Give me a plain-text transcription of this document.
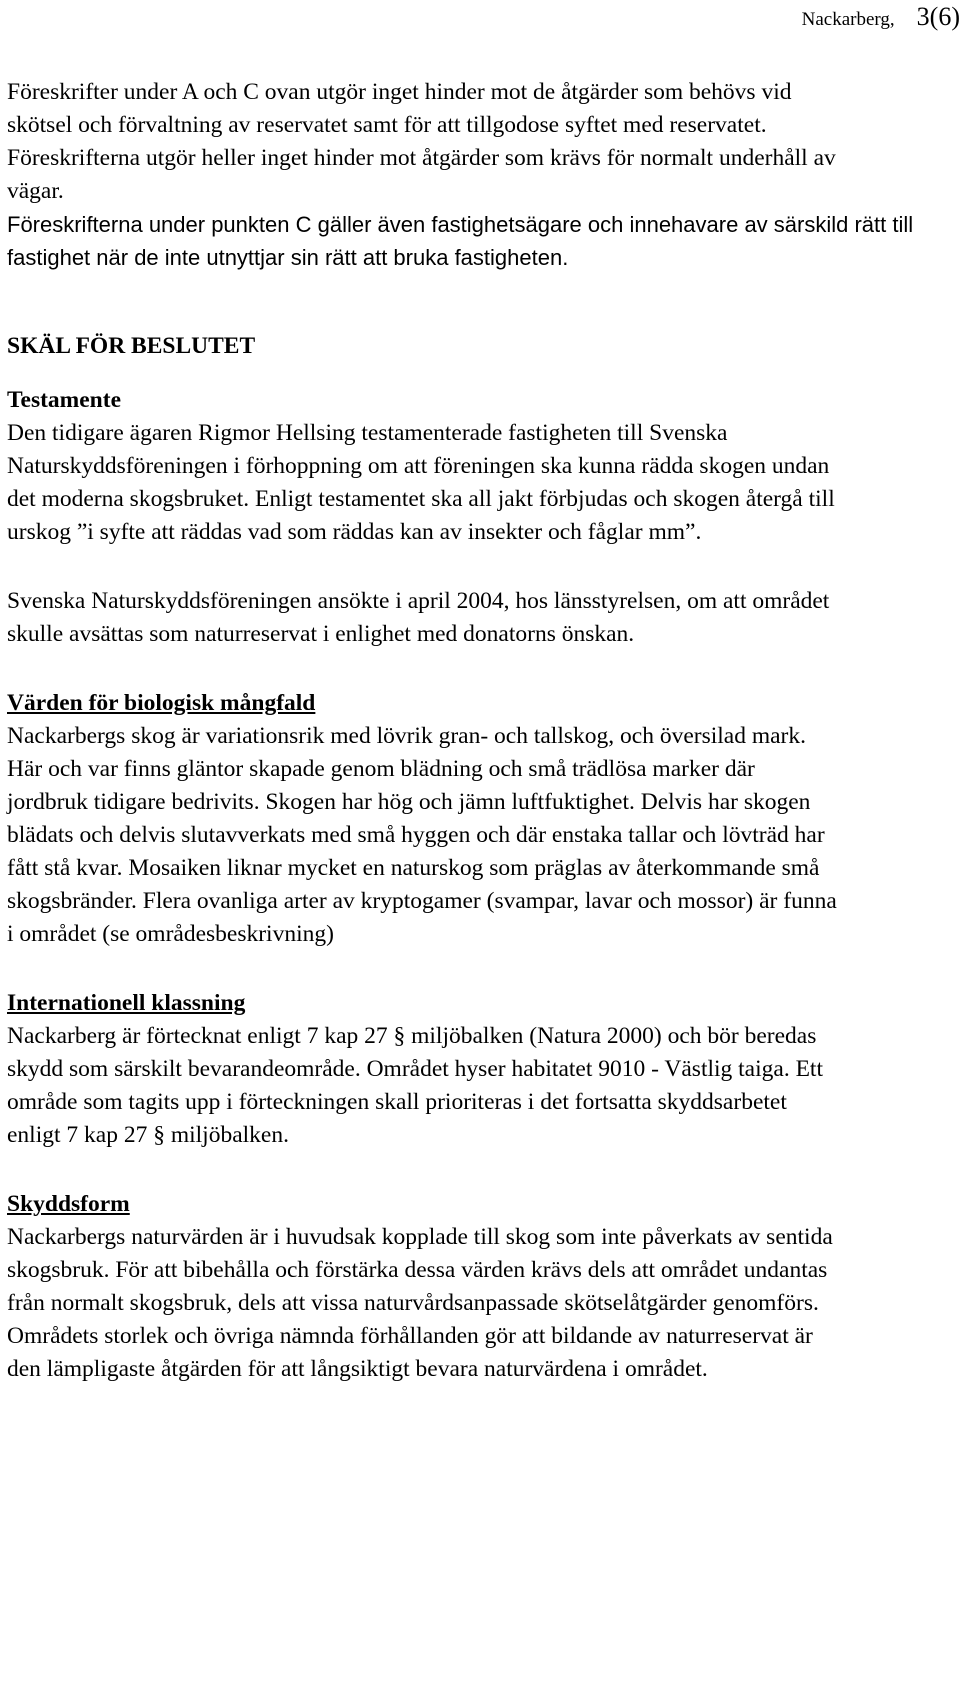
Nackarberg, 3(6)

Föreskrifter under A och C ovan utgör inget hinder mot de åtgärder som behövs vid skötsel och förvaltning av reservatet samt för att tillgodose syftet med reservatet. Föreskrifterna utgör heller inget hinder mot åtgärder som krävs för normalt underhåll av vägar.

Föreskrifterna under punkten C gäller även fastighetsägare och innehavare av särskild rätt till fastighet när de inte utnyttjar sin rätt att bruka fastigheten.

SKÄL FÖR BESLUTET

Testamente

Den tidigare ägaren Rigmor Hellsing testamenterade fastigheten till Svenska Naturskyddsföreningen i förhoppning om att föreningen ska kunna rädda skogen undan det moderna skogsbruket. Enligt testamentet ska all jakt förbjudas och skogen återgå till urskog ”i syfte att räddas vad som räddas kan av insekter och fåglar mm”.

Svenska Naturskyddsföreningen ansökte i april 2004, hos länsstyrelsen, om att området skulle avsättas som naturreservat i enlighet med donatorns önskan.

Värden för biologisk mångfald

Nackarbergs skog är variationsrik med lövrik gran- och tallskog, och översilad mark. Här och var finns gläntor skapade genom blädning och små trädlösa marker där jordbruk tidigare bedrivits. Skogen har hög och jämn luftfuktighet. Delvis har skogen blädats och delvis slutavverkats med små hyggen och där enstaka tallar och lövträd har fått stå kvar. Mosaiken liknar mycket en naturskog som präglas av återkommande små skogsbränder. Flera ovanliga arter av kryptogamer (svampar, lavar och mossor) är funna i området (se områdesbeskrivning)

Internationell klassning

Nackarberg är förtecknat enligt 7 kap 27 § miljöbalken (Natura 2000) och bör beredas skydd som särskilt bevarandeområde. Området hyser habitatet 9010 - Västlig taiga. Ett område som tagits upp i förteckningen skall prioriteras i det fortsatta skyddsarbetet enligt 7 kap 27 § miljöbalken.

Skyddsform

Nackarbergs naturvärden är i huvudsak kopplade till skog som inte påverkats av sentida skogsbruk. För att bibehålla och förstärka dessa värden krävs dels att området undantas från normalt skogsbruk, dels att vissa naturvårdsanpassade skötselåtgärder genomförs. Områdets storlek och övriga nämnda förhållanden gör att bildande av naturreservat är den lämpligaste åtgärden för att långsiktigt bevara naturvärdena i området.
